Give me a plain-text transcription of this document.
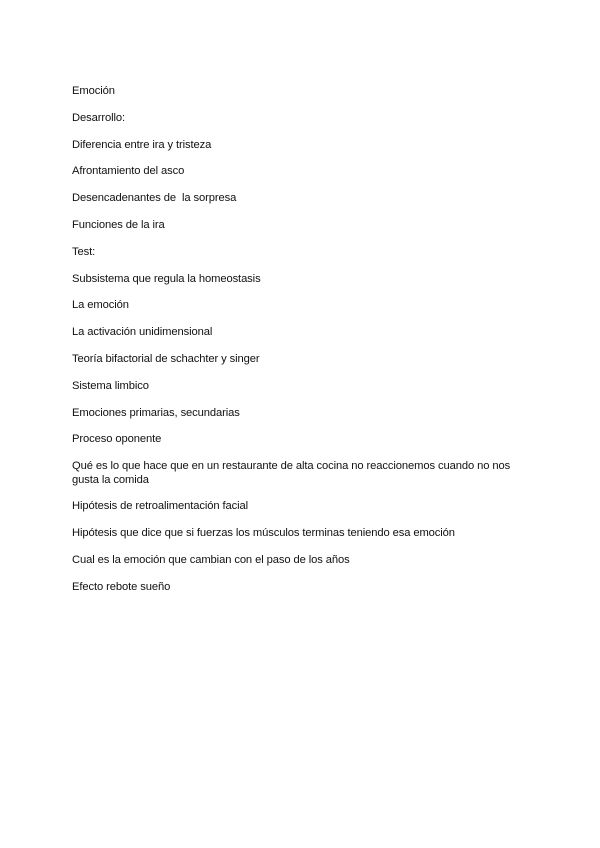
Emoción

Desarrollo:

Diferencia entre ira y tristeza

Afrontamiento del asco

Desencadenantes de  la sorpresa

Funciones de la ira

Test:

Subsistema que regula la homeostasis

La emoción

La activación unidimensional

Teoría bifactorial de schachter y singer

Sistema limbico

Emociones primarias, secundarias

Proceso oponente

Qué es lo que hace que en un restaurante de alta cocina no reaccionemos cuando no nos gusta la comida

Hipótesis de retroalimentación facial

Hipótesis que dice que si fuerzas los músculos terminas teniendo esa emoción

Cual es la emoción que cambian con el paso de los años

Efecto rebote sueño
